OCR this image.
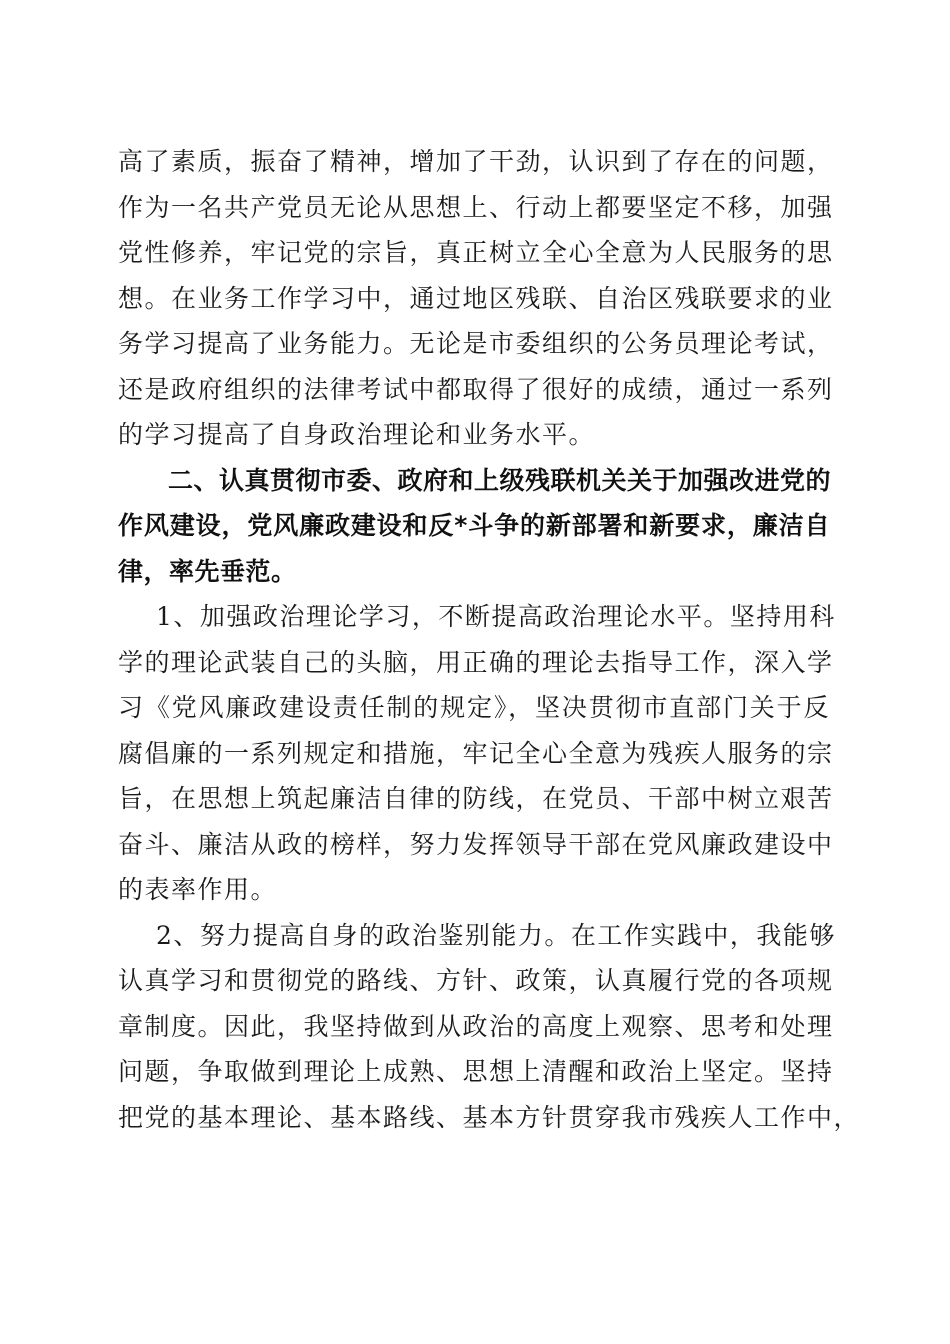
高了素质，振奋了精神，增加了干劲，认识到了存在的问题，
作为一名共产党员无论从思想上、行动上都要坚定不移，加强
党性修养，牢记党的宗旨，真正树立全心全意为人民服务的思
想。在业务工作学习中，通过地区残联、自治区残联要求的业
务学习提高了业务能力。无论是市委组织的公务员理论考试，
还是政府组织的法律考试中都取得了很好的成绩，通过一系列
的学习提高了自身政治理论和业务水平。
二、认真贯彻市委、政府和上级残联机关关于加强改进党的
作风建设，党风廉政建设和反*斗争的新部署和新要求，廉洁自
律，率先垂范。
1、加强政治理论学习，不断提高政治理论水平。坚持用科
学的理论武装自己的头脑，用正确的理论去指导工作，深入学
习《党风廉政建设责任制的规定》，坚决贯彻市直部门关于反
腐倡廉的一系列规定和措施，牢记全心全意为残疾人服务的宗
旨，在思想上筑起廉洁自律的防线，在党员、干部中树立艰苦
奋斗、廉洁从政的榜样，努力发挥领导干部在党风廉政建设中
的表率作用。
2、努力提高自身的政治鉴别能力。在工作实践中，我能够
认真学习和贯彻党的路线、方针、政策，认真履行党的各项规
章制度。因此，我坚持做到从政治的高度上观察、思考和处理
问题，争取做到理论上成熟、思想上清醒和政治上坚定。坚持
把党的基本理论、基本路线、基本方针贯穿我市残疾人工作中，
